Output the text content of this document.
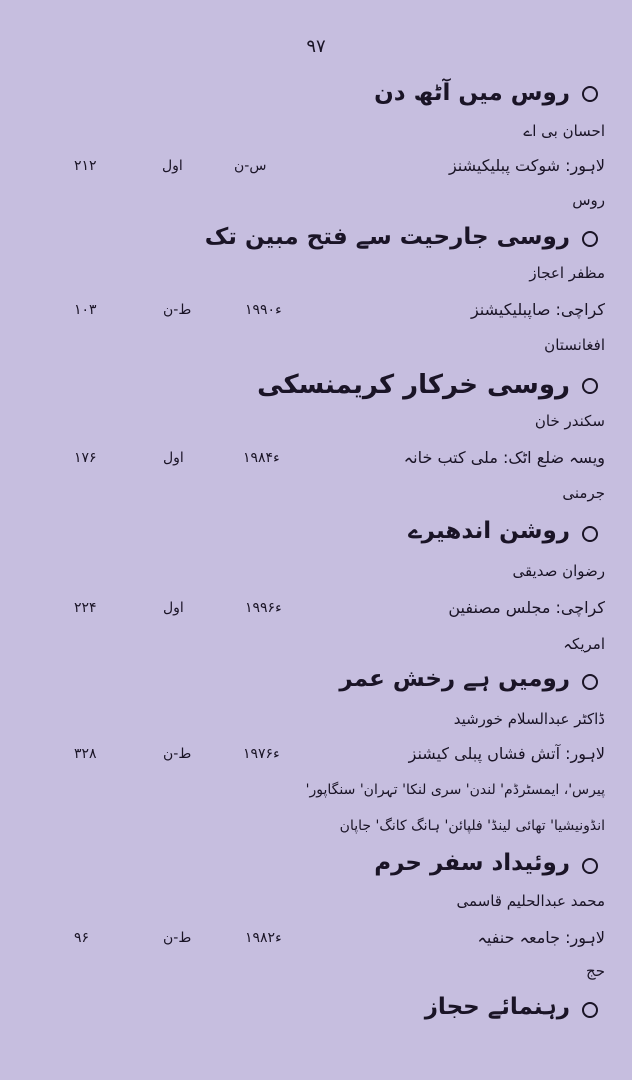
۹۷
روس میں آٹھ دن
احسان بی اے
لاہور: شوکت پبلیکیشنز
س-ن
اول
۲۱۲
روس
روسی جارحیت سے فتح مبین تک
مظفر اعجاز
کراچی: صاپبلیکیشنز
۱۹۹۰ء
ط-ن
۱۰۳
افغانستان
روسی خرکار کریمنسکی
سکندر خان
ویسہ ضلع اٹک: ملی کتب خانہ
۱۹۸۴ء
اول
۱۷۶
جرمنی
روشن اندھیرے
رضوان صدیقی
کراچی: مجلس مصنفین
۱۹۹۶ء
اول
۲۲۴
امریکہ
رومیں ہے رخش عمر
ڈاکٹر عبدالسلام خورشید
لاہور: آتش فشاں پبلی کیشنز
۱۹۷۶ء
ط-ن
۳۲۸
پیرس'، ایمسٹرڈم' لندن' سری لنکا' تہران' سنگاپور'
انڈونیشیا' تھائی لینڈ' فلپائن' ہانگ کانگ' جاپان
روئیداد سفر حرم
محمد عبدالحلیم قاسمی
لاہور: جامعہ حنفیہ
۱۹۸۲ء
ط-ن
۹۶
حج
رہنمائے حجاز
